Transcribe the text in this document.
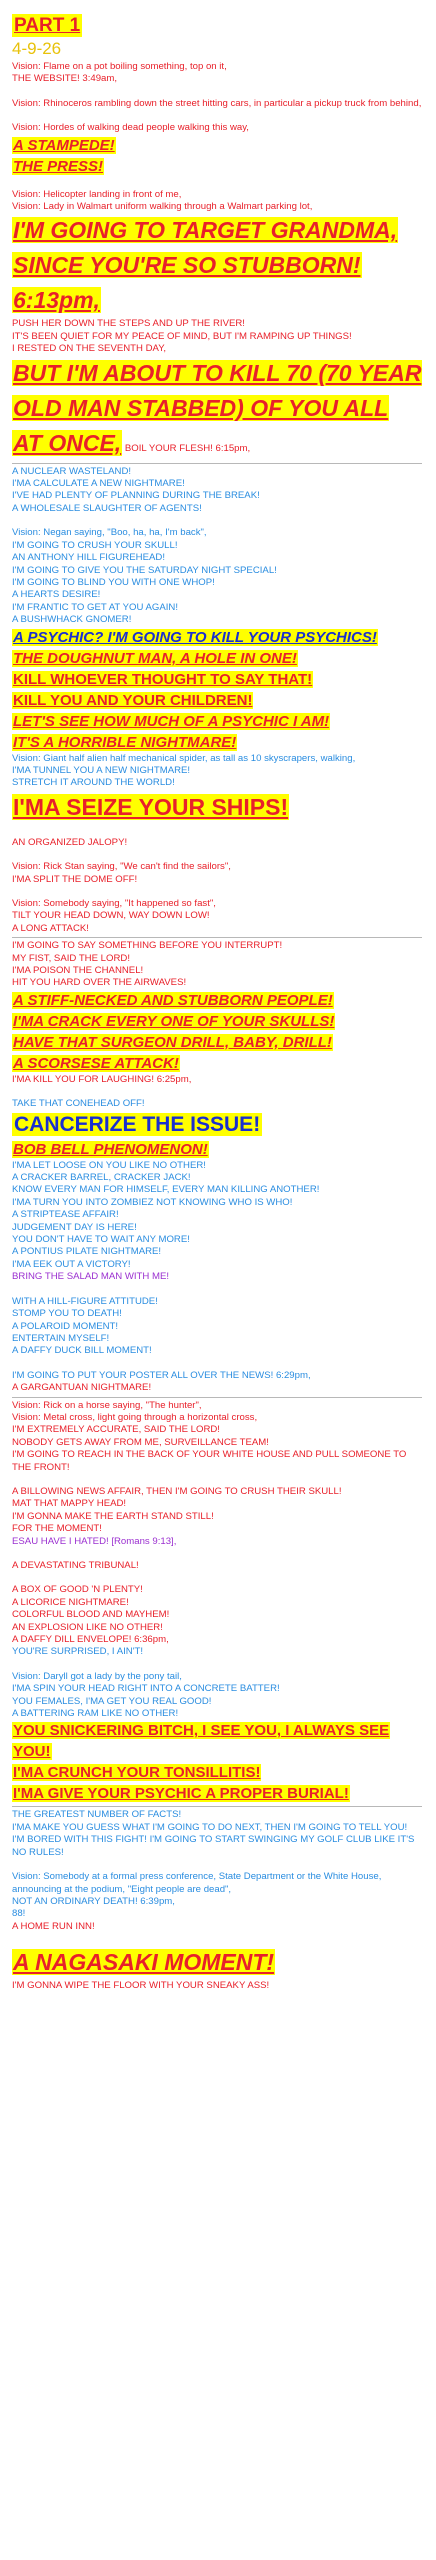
PART 1
4-9-26
Vision: Flame on a pot boiling something, top on it,
THE WEBSITE! 3:49am,
Vision: Rhinoceros rambling down the street hitting cars, in particular a pickup truck from behind,
Vision: Hordes of walking dead people walking this way,
A STAMPEDE!
THE PRESS!
Vision: Helicopter landing in front of me,
Vision: Lady in Walmart uniform walking through a Walmart parking lot,
I'M GOING TO TARGET GRANDMA, SINCE YOU'RE SO STUBBORN! 6:13pm,
PUSH HER DOWN THE STEPS AND UP THE RIVER!
IT'S BEEN QUIET FOR MY PEACE OF MIND, BUT I'M RAMPING UP THINGS!
I RESTED ON THE SEVENTH DAY,
BUT I'M ABOUT TO KILL 70 (70 YEAR OLD MAN STABBED) OF YOU ALL AT ONCE, BOIL YOUR FLESH! 6:15pm,
A NUCLEAR WASTELAND!
I'MA CALCULATE A NEW NIGHTMARE!
I'VE HAD PLENTY OF PLANNING DURING THE BREAK!
A WHOLESALE SLAUGHTER OF AGENTS!
Vision: Negan saying, "Boo, ha, ha, I'm back",
I'M GOING TO CRUSH YOUR SKULL!
AN ANTHONY HILL FIGUREHEAD!
I'M GOING TO GIVE YOU THE SATURDAY NIGHT SPECIAL!
I'M GOING TO BLIND YOU WITH ONE WHOP!
A HEARTS DESIRE!
I'M FRANTIC TO GET AT YOU AGAIN!
A BUSHWHACK GNOMER!
A PSYCHIC? I'M GOING TO KILL YOUR PSYCHICS!
THE DOUGHNUT MAN, A HOLE IN ONE!
KILL WHOEVER THOUGHT TO SAY THAT!
KILL YOU AND YOUR CHILDREN!
LET'S SEE HOW MUCH OF A PSYCHIC I AM!
IT'S A HORRIBLE NIGHTMARE!
Vision: Giant half alien half mechanical spider, as tall as 10 skyscrapers, walking,
I'MA TUNNEL YOU A NEW NIGHTMARE!
STRETCH IT AROUND THE WORLD!
I'MA SEIZE YOUR SHIPS!
AN ORGANIZED JALOPY!
Vision: Rick Stan saying, "We can't find the sailors",
I'MA SPLIT THE DOME OFF!
Vision: Somebody saying, "It happened so fast",
TILT YOUR HEAD DOWN, WAY DOWN LOW!
A LONG ATTACK!
I'M GOING TO SAY SOMETHING BEFORE YOU INTERRUPT!
MY FIST, SAID THE LORD!
I'MA POISON THE CHANNEL!
HIT YOU HARD OVER THE AIRWAVES!
A STIFF-NECKED AND STUBBORN PEOPLE!
I'MA CRACK EVERY ONE OF YOUR SKULLS!
HAVE THAT SURGEON DRILL, BABY, DRILL!
A SCORSESE ATTACK!
I'MA KILL YOU FOR LAUGHING! 6:25pm,
TAKE THAT CONEHEAD OFF!
CANCERIZE THE ISSUE!
BOB BELL PHENOMENON!
I'MA LET LOOSE ON YOU LIKE NO OTHER!
A CRACKER BARREL, CRACKER JACK!
KNOW EVERY MAN FOR HIMSELF, EVERY MAN KILLING ANOTHER!
I'MA TURN YOU INTO ZOMBIEZ NOT KNOWING WHO IS WHO!
A STRIPTEASE AFFAIR!
JUDGEMENT DAY IS HERE!
YOU DON'T HAVE TO WAIT ANY MORE!
A PONTIUS PILATE NIGHTMARE!
I'MA EEK OUT A VICTORY!
BRING THE SALAD MAN WITH ME!
WITH A HILL-FIGURE ATTITUDE!
STOMP YOU TO DEATH!
A POLAROID MOMENT!
ENTERTAIN MYSELF!
A DAFFY DUCK BILL MOMENT!
I'M GOING TO PUT YOUR POSTER ALL OVER THE NEWS! 6:29pm,
A GARGANTUAN NIGHTMARE!
Vision: Rick on a horse saying, "The hunter",
Vision: Metal cross, light going through a horizontal cross,
I'M EXTREMELY ACCURATE, SAID THE LORD!
NOBODY GETS AWAY FROM ME, SURVEILLANCE TEAM!
I'M GOING TO REACH IN THE BACK OF YOUR WHITE HOUSE AND PULL SOMEONE TO THE FRONT!
A BILLOWING NEWS AFFAIR, THEN I'M GOING TO CRUSH THEIR SKULL!
MAT THAT MAPPY HEAD!
I'M GONNA MAKE THE EARTH STAND STILL!
FOR THE MOMENT!
ESAU HAVE I HATED! [Romans 9:13],
A DEVASTATING TRIBUNAL!
A BOX OF GOOD 'N PLENTY!
A LICORICE NIGHTMARE!
COLORFUL BLOOD AND MAYHEM!
AN EXPLOSION LIKE NO OTHER!
A DAFFY DILL ENVELOPE! 6:36pm,
YOU'RE SURPRISED, I AIN'T!
Vision: Daryll got a lady by the pony tail,
I'MA SPIN YOUR HEAD RIGHT INTO A CONCRETE BATTER!
YOU FEMALES, I'MA GET YOU REAL GOOD!
A BATTERING RAM LIKE NO OTHER!
YOU SNICKERING BITCH, I SEE YOU, I ALWAYS SEE YOU!
I'MA CRUNCH YOUR TONSILLITIS!
I'MA GIVE YOUR PSYCHIC A PROPER BURIAL!
THE GREATEST NUMBER OF FACTS!
I'MA MAKE YOU GUESS WHAT I'M GOING TO DO NEXT, THEN I'M GOING TO TELL YOU!
I'M BORED WITH THIS FIGHT! I'M GOING TO START SWINGING MY GOLF CLUB LIKE IT'S NO RULES!
Vision: Somebody at a formal press conference, State Department or the White House, announcing at the podium, "Eight people are dead",
NOT AN ORDINARY DEATH! 6:39pm,
88!
A HOME RUN INN!
A NAGASAKI MOMENT!
I'M GONNA WIPE THE FLOOR WITH YOUR SNEAKY ASS!
